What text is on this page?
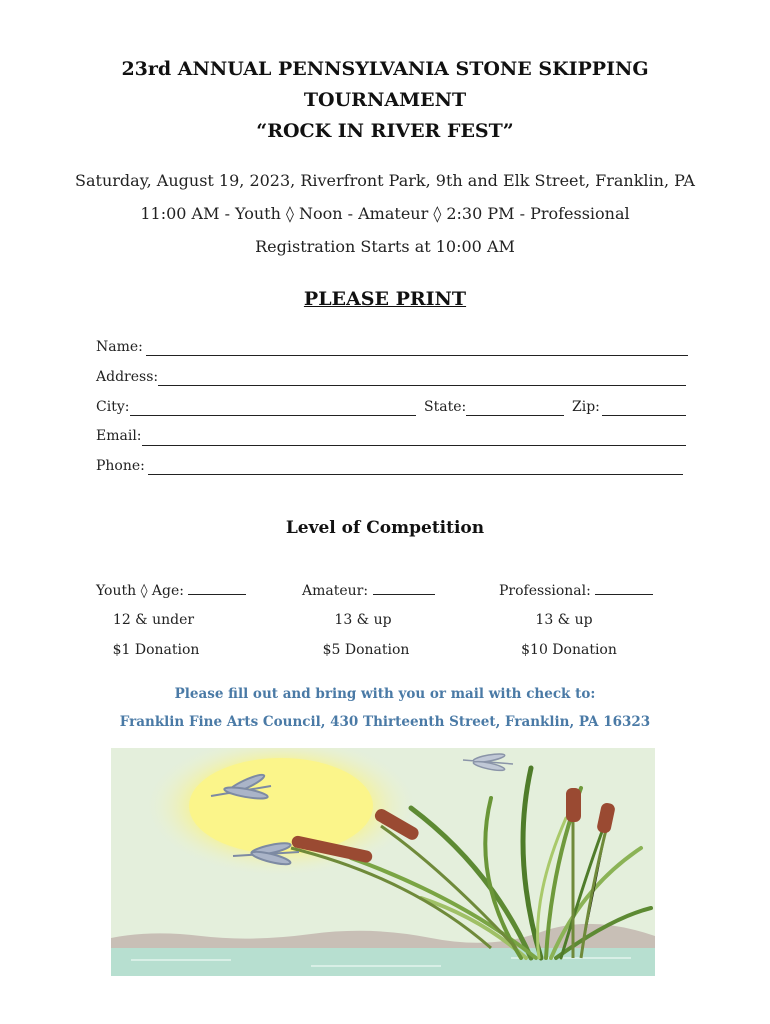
23rd ANNUAL PENNSYLVANIA STONE SKIPPING
TOURNAMENT
“ROCK IN RIVER FEST”
Saturday, August 19, 2023, Riverfront Park, 9th and Elk Street, Franklin, PA
11:00 AM - Youth ◊ Noon - Amateur ◊ 2:30 PM - Professional
Registration Starts at 10:00 AM
PLEASE PRINT
Name:
Address:
City:	State:	Zip:
Email:
Phone:
Level of Competition
Youth ◊ Age:
12 & under
$1 Donation
Amateur:
13 & up
$5 Donation
Professional:
13 & up
$10 Donation
Please fill out and bring with you or mail with check to:
Franklin Fine Arts Council, 430 Thirteenth Street, Franklin, PA 16323
